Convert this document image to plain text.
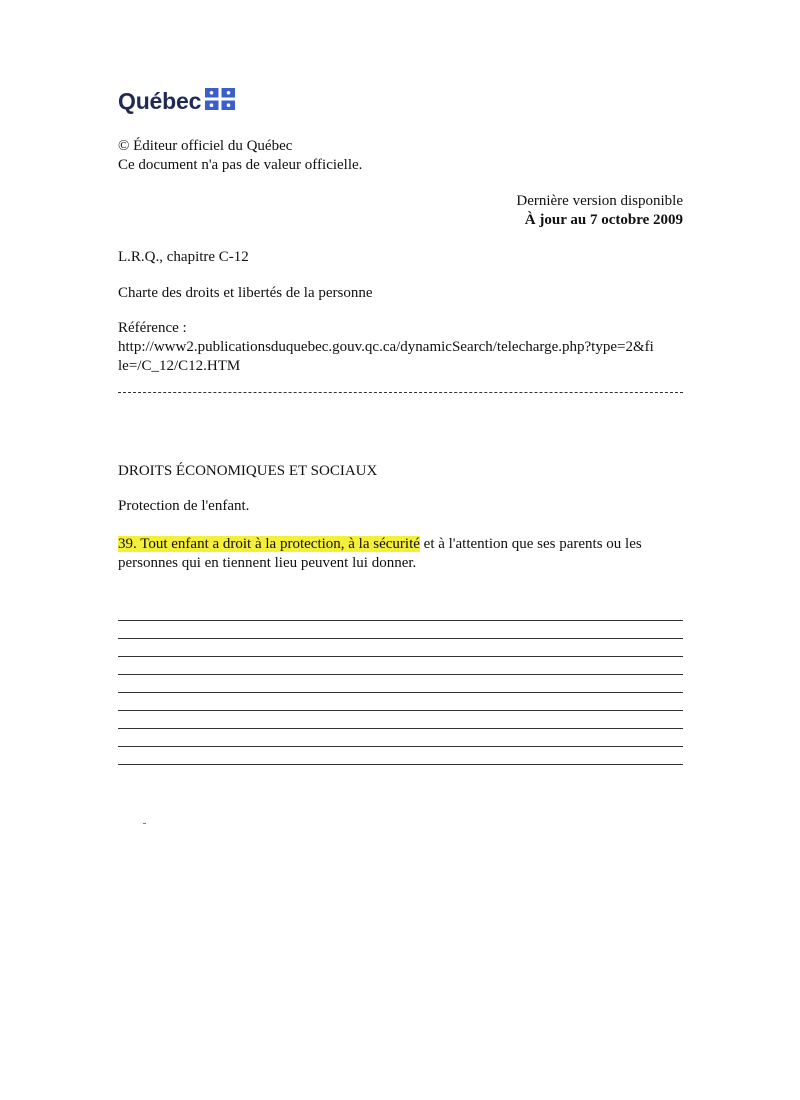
Québec
© Éditeur officiel du Québec
Ce document n'a pas de valeur officielle.
Dernière version disponible
À jour au 7 octobre 2009
L.R.Q., chapitre C-12
Charte des droits et libertés de la personne
Référence :
http://www2.publicationsduquebec.gouv.qc.ca/dynamicSearch/telecharge.php?type=2&fi
le=/C_12/C12.HTM
DROITS ÉCONOMIQUES ET SOCIAUX
Protection de l'enfant.
39. Tout enfant a droit à la protection, à la sécurité et à l'attention que ses parents ou les
personnes qui en tiennent lieu peuvent lui donner.
